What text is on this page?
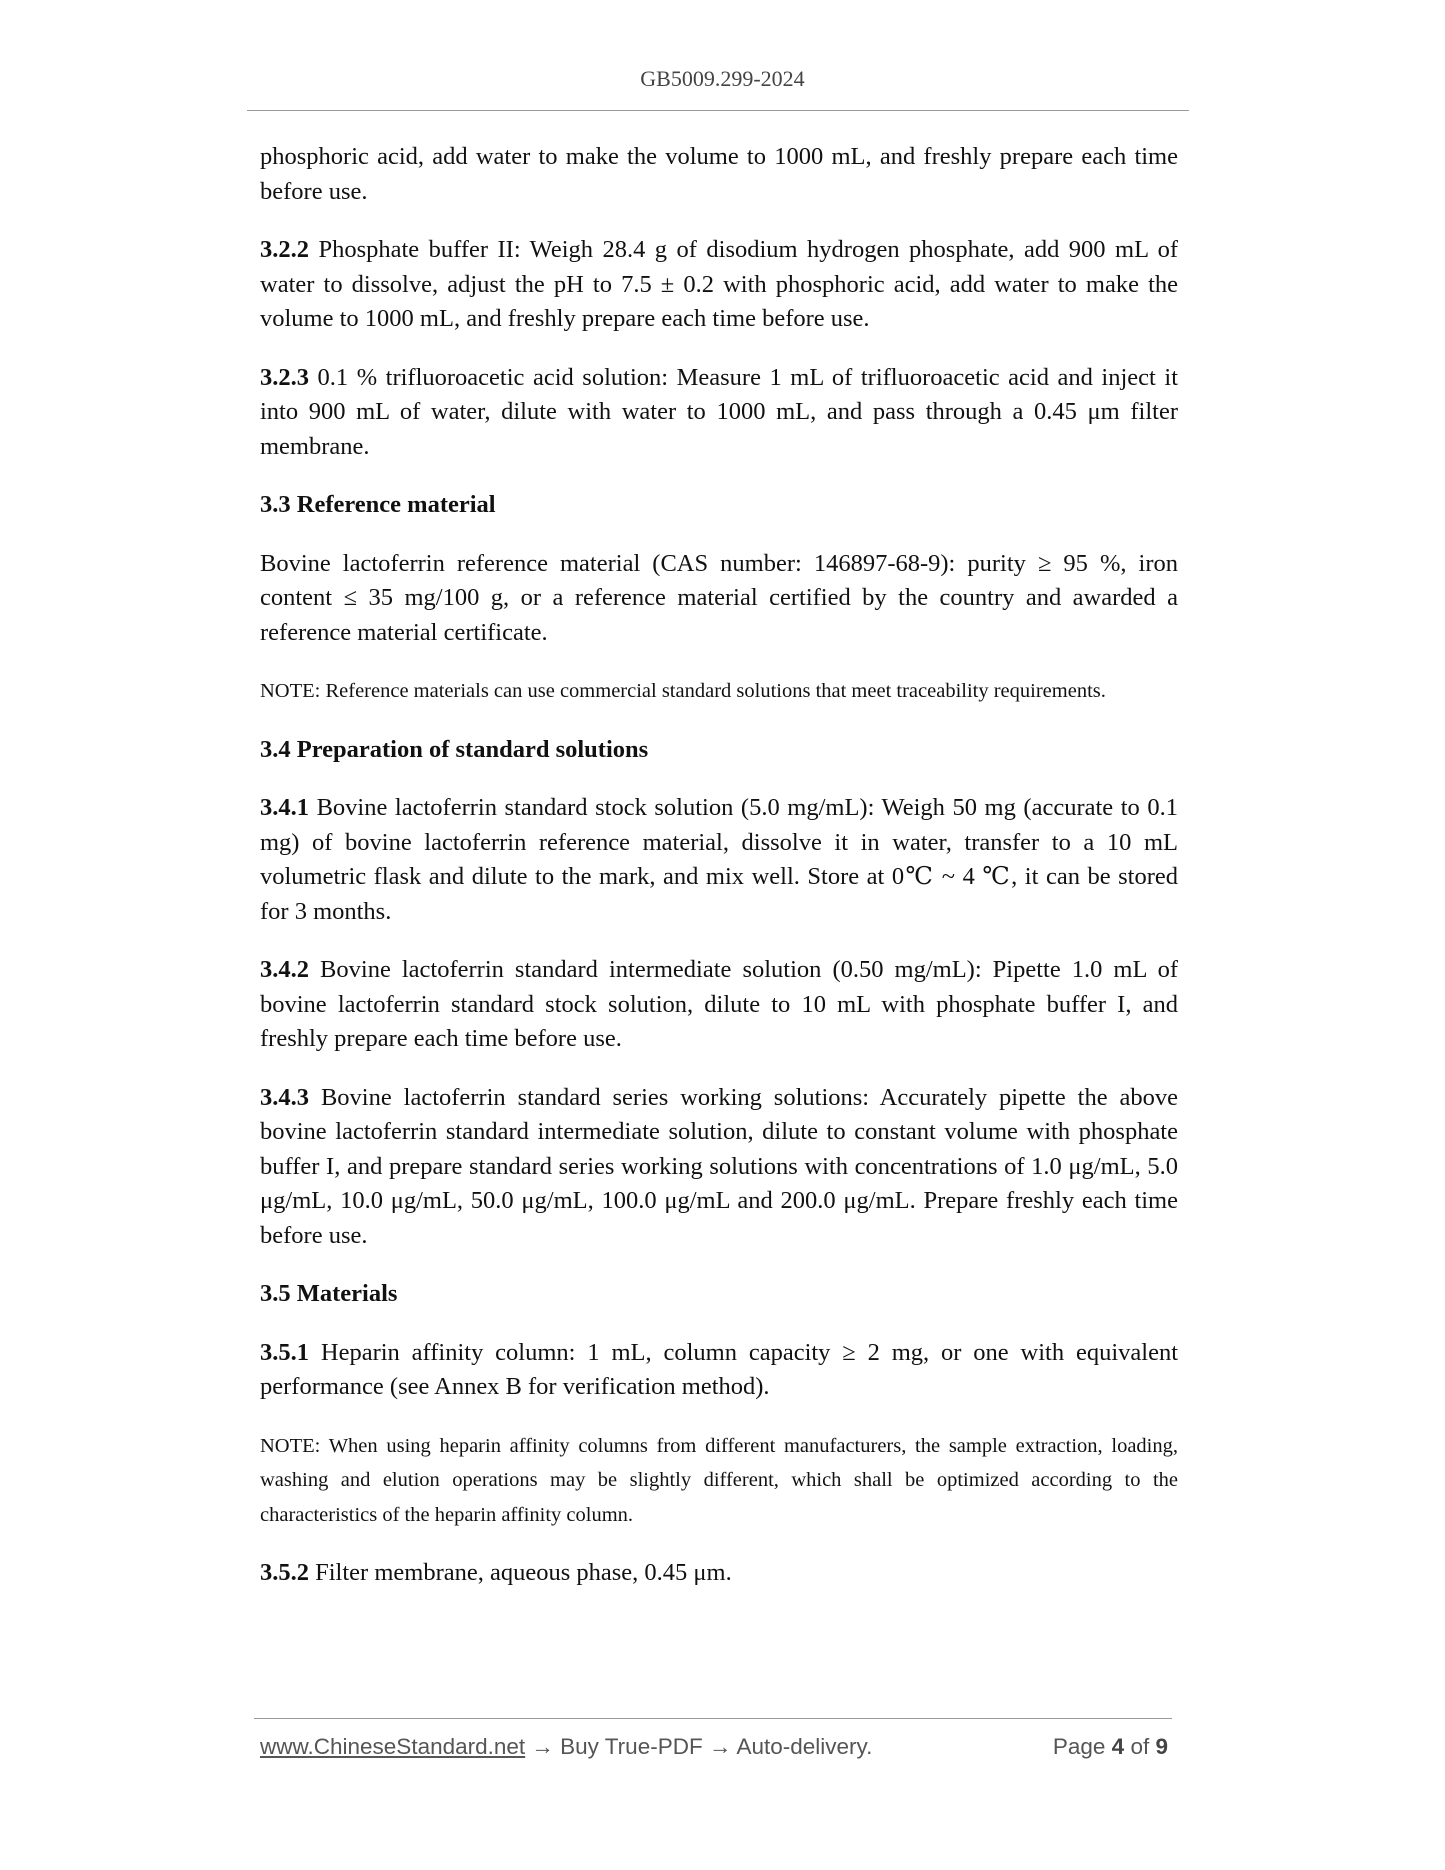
GB5009.299-2024

phosphoric acid, add water to make the volume to 1000 mL, and freshly prepare each time before use.

3.2.2 Phosphate buffer II: Weigh 28.4 g of disodium hydrogen phosphate, add 900 mL of water to dissolve, adjust the pH to 7.5 ± 0.2 with phosphoric acid, add water to make the volume to 1000 mL, and freshly prepare each time before use.

3.2.3 0.1 % trifluoroacetic acid solution: Measure 1 mL of trifluoroacetic acid and inject it into 900 mL of water, dilute with water to 1000 mL, and pass through a 0.45 μm filter membrane.

3.3 Reference material

Bovine lactoferrin reference material (CAS number: 146897-68-9): purity ≥ 95 %, iron content ≤ 35 mg/100 g, or a reference material certified by the country and awarded a reference material certificate.

NOTE: Reference materials can use commercial standard solutions that meet traceability requirements.

3.4 Preparation of standard solutions

3.4.1 Bovine lactoferrin standard stock solution (5.0 mg/mL): Weigh 50 mg (accurate to 0.1 mg) of bovine lactoferrin reference material, dissolve it in water, transfer to a 10 mL volumetric flask and dilute to the mark, and mix well. Store at 0℃ ~ 4 ℃, it can be stored for 3 months.

3.4.2 Bovine lactoferrin standard intermediate solution (0.50 mg/mL): Pipette 1.0 mL of bovine lactoferrin standard stock solution, dilute to 10 mL with phosphate buffer I, and freshly prepare each time before use.

3.4.3 Bovine lactoferrin standard series working solutions: Accurately pipette the above bovine lactoferrin standard intermediate solution, dilute to constant volume with phosphate buffer I, and prepare standard series working solutions with concentrations of 1.0 μg/mL, 5.0 μg/mL, 10.0 μg/mL, 50.0 μg/mL, 100.0 μg/mL and 200.0 μg/mL. Prepare freshly each time before use.

3.5 Materials

3.5.1 Heparin affinity column: 1 mL, column capacity ≥ 2 mg, or one with equivalent performance (see Annex B for verification method).

NOTE: When using heparin affinity columns from different manufacturers, the sample extraction, loading, washing and elution operations may be slightly different, which shall be optimized according to the characteristics of the heparin affinity column.

3.5.2 Filter membrane, aqueous phase, 0.45 μm.

www.ChineseStandard.net → Buy True-PDF → Auto-delivery.	Page 4 of 9
